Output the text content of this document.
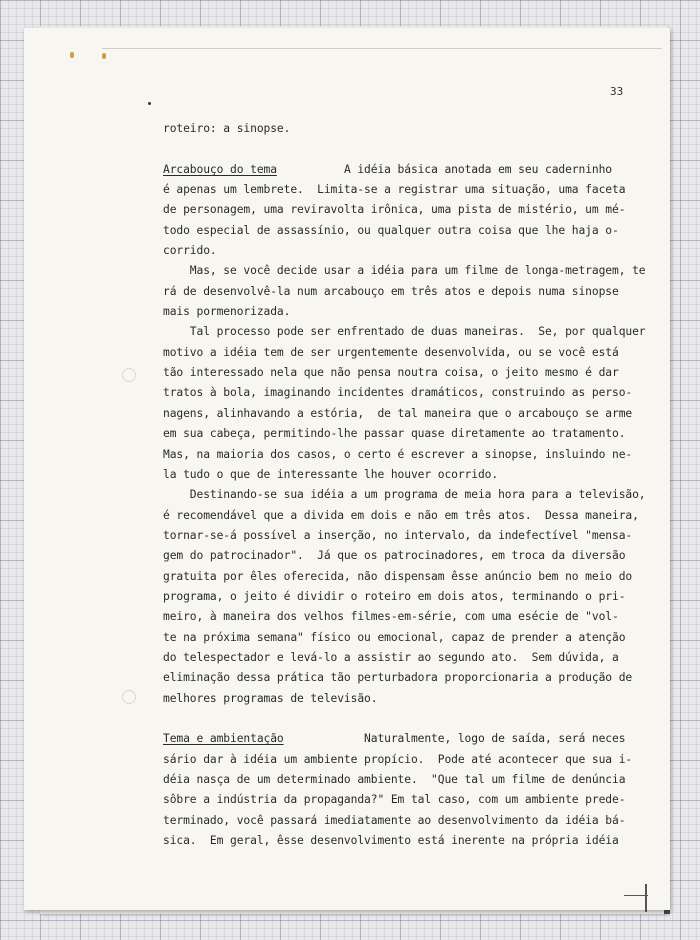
33
roteiro: a sinopse.
Arcabouço do tema          A idéia básica anotada em seu caderninho
é apenas um lembrete.  Limita-se a registrar uma situação, uma faceta
de personagem, uma reviravolta irônica, uma pista de mistério, um mé-
todo especial de assassínio, ou qualquer outra coisa que lhe haja o-
corrido.
Mas, se você decide usar a idéia para um filme de longa-metragem, te
rá de desenvolvê-la num arcabouço em três atos e depois numa sinopse
mais pormenorizada.
Tal processo pode ser enfrentado de duas maneiras.  Se, por qualquer
motivo a idéia tem de ser urgentemente desenvolvida, ou se você está
tão interessado nela que não pensa noutra coisa, o jeito mesmo é dar
tratos à bola, imaginando incidentes dramáticos, construindo as perso-
nagens, alinhavando a estória,  de tal maneira que o arcabouço se arme
em sua cabeça, permitindo-lhe passar quase diretamente ao tratamento.
Mas, na maioria dos casos, o certo é escrever a sinopse, insluindo ne-
la tudo o que de interessante lhe houver ocorrido.
Destinando-se sua idéia a um programa de meia hora para a televisão,
é recomendável que a divida em dois e não em três atos.  Dessa maneira,
tornar-se-á possível a inserção, no intervalo, da indefectível "mensa-
gem do patrocinador".  Já que os patrocinadores, em troca da diversão
gratuita por êles oferecida, não dispensam êsse anúncio bem no meio do
programa, o jeito é dividir o roteiro em dois atos, terminando o pri-
meiro, à maneira dos velhos filmes-em-série, com uma esécie de "vol-
te na próxima semana" físico ou emocional, capaz de prender a atenção
do telespectador e levá-lo a assistir ao segundo ato.  Sem dúvida, a
eliminação dessa prática tão perturbadora proporcionaria a produção de
melhores programas de televisão.
Tema e ambientação            Naturalmente, logo de saída, será neces
sário dar à idéia um ambiente propício.  Pode até acontecer que sua i-
déia nasça de um determinado ambiente.  "Que tal um filme de denúncia
sôbre a indústria da propaganda?" Em tal caso, com um ambiente prede-
terminado, você passará imediatamente ao desenvolvimento da idéia bá-
sica.  Em geral, êsse desenvolvimento está inerente na própria idéia
